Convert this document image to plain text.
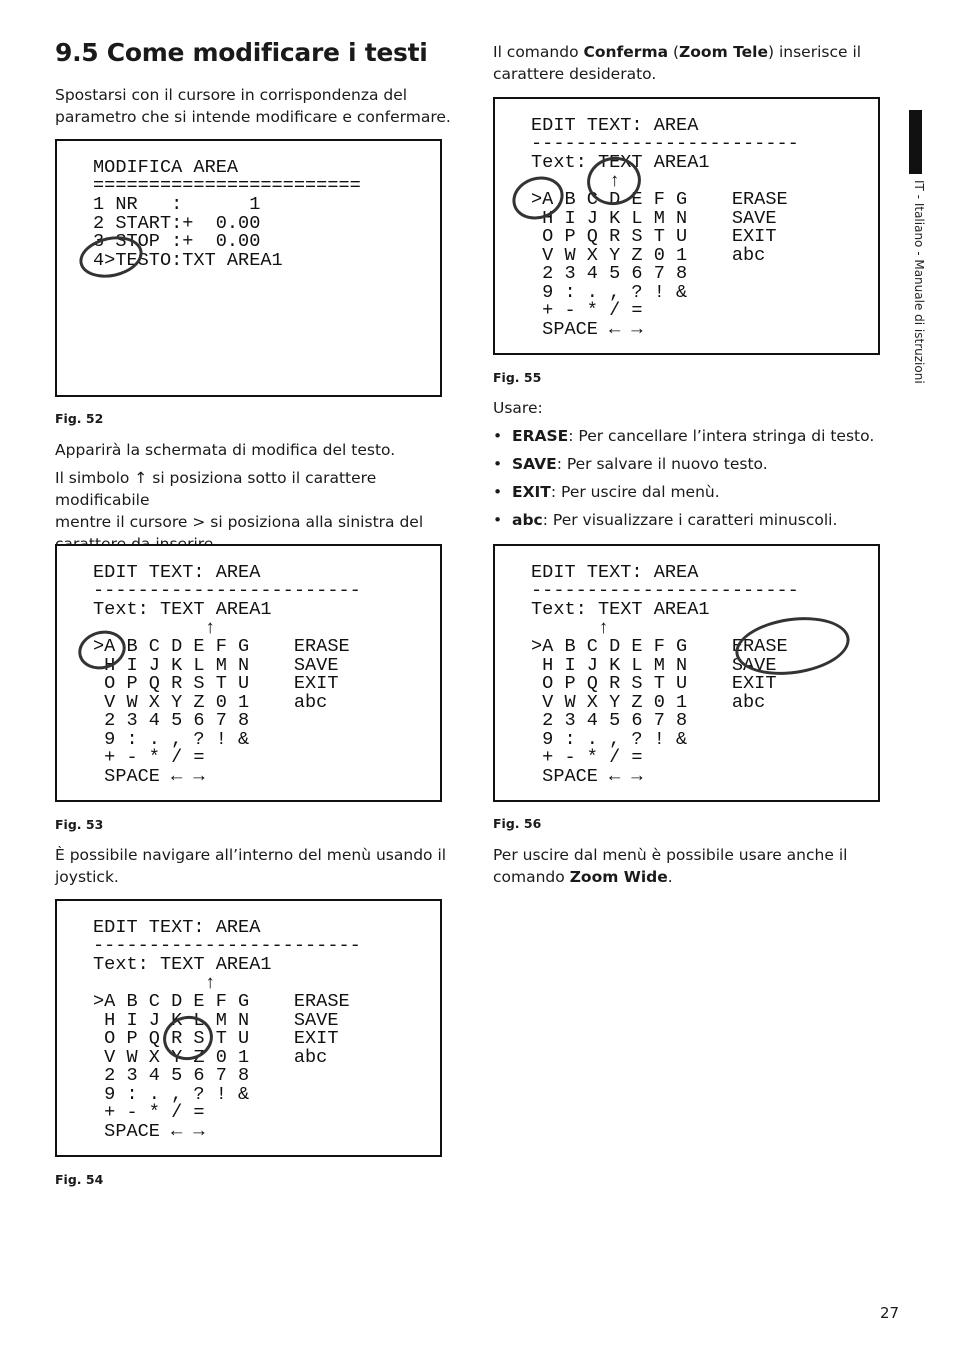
9.5 Come modificare i testi
Spostarsi con il cursore in corrispondenza del
parametro che si intende modificare e confermare.
MODIFICA AREA
========================
1 NR   :      1
2 START:+  0.00
3 STOP :+  0.00
4>TESTO:TXT AREA1
Fig. 52
Apparirà la schermata di modifica del testo.
Il simbolo ↑ si posiziona sotto il carattere modificabile
mentre il cursore > si posiziona alla sinistra del
EDIT TEXT: AREA
------------------------
Text: TEXT AREA1
↑
>A B C D E F G    ERASE
H I J K L M N    SAVE
O P Q R S T U    EXIT
V W X Y Z 0 1    abc
2 3 4 5 6 7 8
9 : . , ? ! &
+ - * / =
SPACE ← →
Fig. 53
È possibile navigare all’interno del menù usando il
joystick.
EDIT TEXT: AREA
------------------------
Text: TEXT AREA1
↑
>A B C D E F G    ERASE
H I J K L M N    SAVE
O P Q R S T U    EXIT
V W X Y Z 0 1    abc
2 3 4 5 6 7 8
9 : . , ? ! &
+ - * / =
SPACE ← →
Fig. 54
Il comando Conferma (Zoom Tele) inserisce il
carattere desiderato.
EDIT TEXT: AREA
------------------------
Text: TEXT AREA1
↑
>A B C D E F G    ERASE
H I J K L M N    SAVE
O P Q R S T U    EXIT
V W X Y Z 0 1    abc
2 3 4 5 6 7 8
9 : . , ? ! &
+ - * / =
SPACE ← →
Fig. 55
Usare:
• ERASE: Per cancellare l’intera stringa di testo.
• SAVE: Per salvare il nuovo testo.
• EXIT: Per uscire dal menù.
• abc: Per visualizzare i caratteri minuscoli.
EDIT TEXT: AREA
------------------------
Text: TEXT AREA1
↑
>A B C D E F G    ERASE
H I J K L M N    SAVE
O P Q R S T U    EXIT
V W X Y Z 0 1    abc
2 3 4 5 6 7 8
9 : . , ? ! &
+ - * / =
SPACE ← →
Fig. 56
Per uscire dal menù è possibile usare anche il
comando Zoom Wide.
IT - Italiano - Manuale di istruzioni
27
